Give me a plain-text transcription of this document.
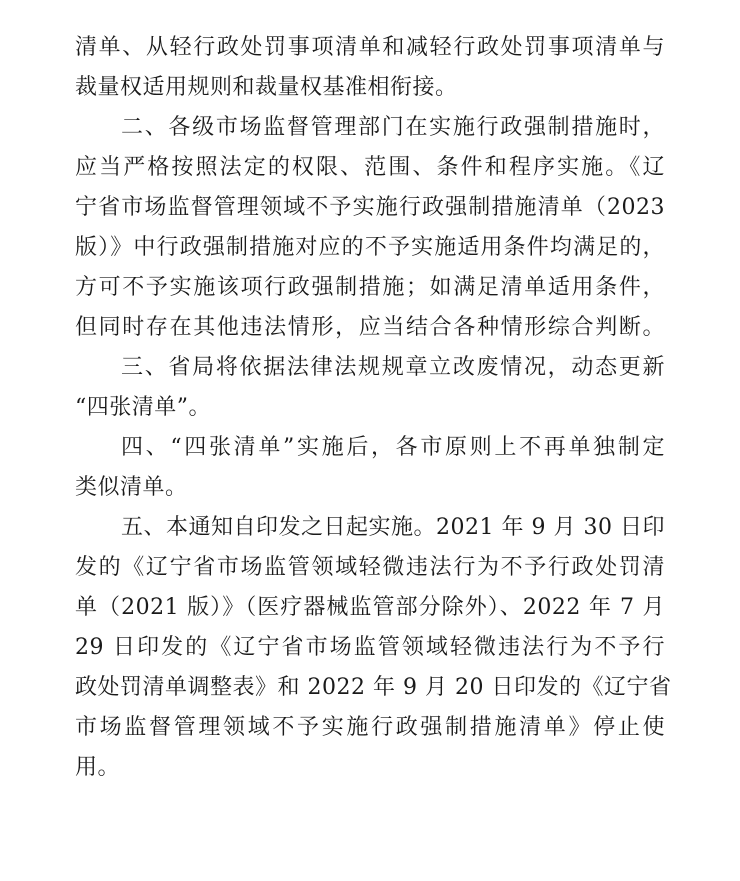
清单、从轻行政处罚事项清单和减轻行政处罚事项清单与
裁量权适用规则和裁量权基准相衔接。
二、各级市场监督管理部门在实施行政强制措施时，
应当严格按照法定的权限、范围、条件和程序实施。《辽
宁省市场监督管理领域不予实施行政强制措施清单（2023
版）》中行政强制措施对应的不予实施适用条件均满足的，
方可不予实施该项行政强制措施；如满足清单适用条件，
但同时存在其他违法情形，应当结合各种情形综合判断。
三、省局将依据法律法规规章立改废情况，动态更新
“四张清单”。
四、“四张清单”实施后，各市原则上不再单独制定
类似清单。
五、本通知自印发之日起实施。2021 年 9 月 30 日印
发的《辽宁省市场监管领域轻微违法行为不予行政处罚清
单（2021 版）》（医疗器械监管部分除外）、2022 年 7 月
29 日印发的《辽宁省市场监管领域轻微违法行为不予行
政处罚清单调整表》和 2022 年 9 月 20 日印发的《辽宁省
市场监督管理领域不予实施行政强制措施清单》停止使
用。
